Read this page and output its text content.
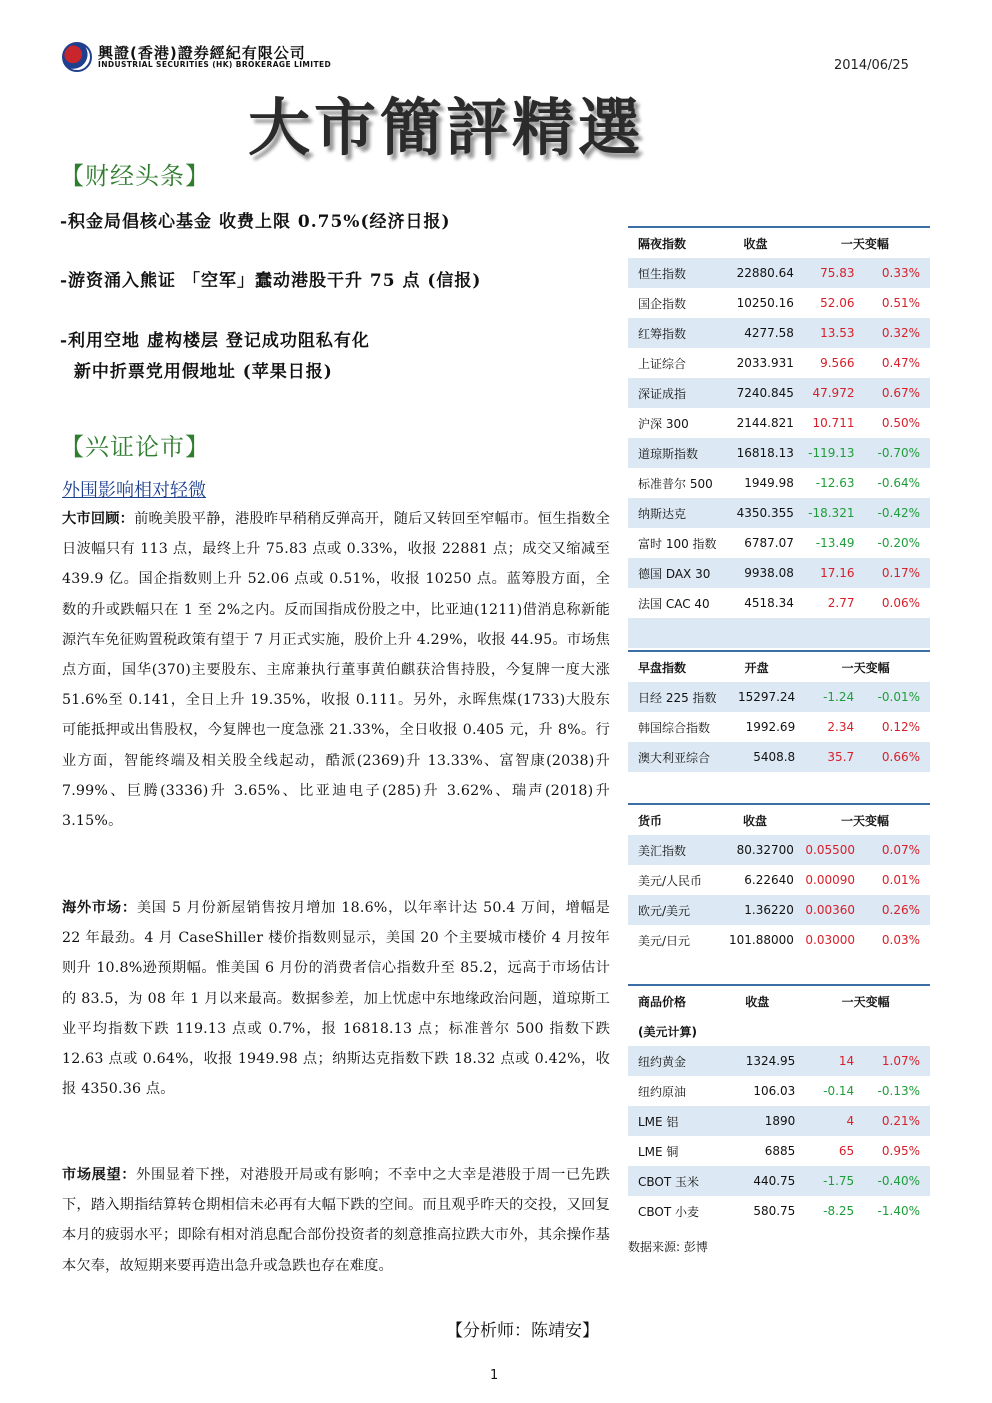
興證(香港)證券經紀有限公司
INDUSTRIAL SECURITIES (HK) BROKERAGE LIMITED	2014/06/25
大市簡評精選
【财经头条】
-积金局倡核心基金 收费上限 0.75%(经济日报)
-游资涌入熊证 「空军」蠢动港股干升 75 点 (信报)
-利用空地 虚构楼层 登记成功阻私有化
新中折票党用假地址 (苹果日报)
【兴证论市】
外围影响相对轻微
大市回顾：前晚美股平静，港股昨早稍稍反弹高开，随后又转回至窄幅市。恒生指数全日波幅只有 113 点，最终上升 75.83 点或 0.33%，收报 22881 点；成交又缩减至 439.9 亿。国企指数则上升 52.06 点或 0.51%，收报 10250 点。蓝筹股方面，全数的升或跌幅只在 1 至 2%之内。反而国指成份股之中，比亚迪(1211)借消息称新能源汽车免征购置税政策有望于 7 月正式实施，股价上升 4.29%，收报 44.95。市场焦点方面，国华(370)主要股东、主席兼执行董事黄伯麒获洽售持股，今复牌一度大涨 51.6%至 0.141，全日上升 19.35%，收报 0.111。另外，永晖焦煤(1733)大股东可能抵押或出售股权，今复牌也一度急涨 21.33%，全日收报 0.405 元，升 8%。行业方面，智能终端及相关股全线起动，酷派(2369)升 13.33%、富智康(2038)升 7.99%、巨腾(3336)升 3.65%、比亚迪电子(285)升 3.62%、瑞声(2018)升 3.15%。
海外市场：美国 5 月份新屋销售按月增加 18.6%，以年率计达 50.4 万间，增幅是 22 年最劲。4 月 CaseShiller 楼价指数则显示，美国 20 个主要城市楼价 4 月按年则升 10.8%逊预期幅。惟美国 6 月份的消费者信心指数升至 85.2，远高于市场估计的 83.5，为 08 年 1 月以来最高。数据参差，加上忧虑中东地缘政治问题，道琼斯工业平均指数下跌 119.13 点或 0.7%，报 16818.13 点；标准普尔 500 指数下跌 12.63 点或 0.64%，收报 1949.98 点；纳斯达克指数下跌 18.32 点或 0.42%，收报 4350.36 点。
市场展望：外围显着下挫，对港股开局或有影响；不幸中之大幸是港股于周一已先跌下，踏入期指结算转仓期相信未必再有大幅下跌的空间。而且观乎昨天的交投，又回复本月的疲弱水平；即除有相对消息配合部份投资者的刻意推高拉跌大市外，其余操作基本欠奉，故短期来要再造出急升或急跌也存在难度。
【分析师：陈靖安】
1
隔夜指数	收盘	一天变幅	
恒生指数	22880.64	75.83	0.33%
国企指数	10250.16	52.06	0.51%
红筹指数	4277.58	13.53	0.32%
上证综合	2033.931	9.566	0.47%
深证成指	7240.845	47.972	0.67%
沪深 300	2144.821	10.711	0.50%
道琼斯指数	16818.13	-119.13	-0.70%
标准普尔 500	1949.98	-12.63	-0.64%
纳斯达克	4350.355	-18.321	-0.42%
富时 100 指数	6787.07	-13.49	-0.20%
德国 DAX 30	9938.08	17.16	0.17%
法国 CAC 40	4518.34	2.77	0.06%

早盘指数	开盘	一天变幅	
日经 225 指数	15297.24	-1.24	-0.01%
韩国综合指数	1992.69	2.34	0.12%
澳大利亚综合	5408.8	35.7	0.66%
货币	收盘	一天变幅	
美汇指数	80.32700	0.05500	0.07%
美元/人民币	6.22640	0.00090	0.01%
欧元/美元	1.36220	0.00360	0.26%
美元/日元	101.88000	0.03000	0.03%
商品价格	收盘	一天变幅	
(美元计算)			
纽约黄金	1324.95	14	1.07%
纽约原油	106.03	-0.14	-0.13%
LME 铝	1890	4	0.21%
LME 铜	6885	65	0.95%
CBOT 玉米	440.75	-1.75	-0.40%
CBOT 小麦	580.75	-8.25	-1.40%
数据来源: 彭博
